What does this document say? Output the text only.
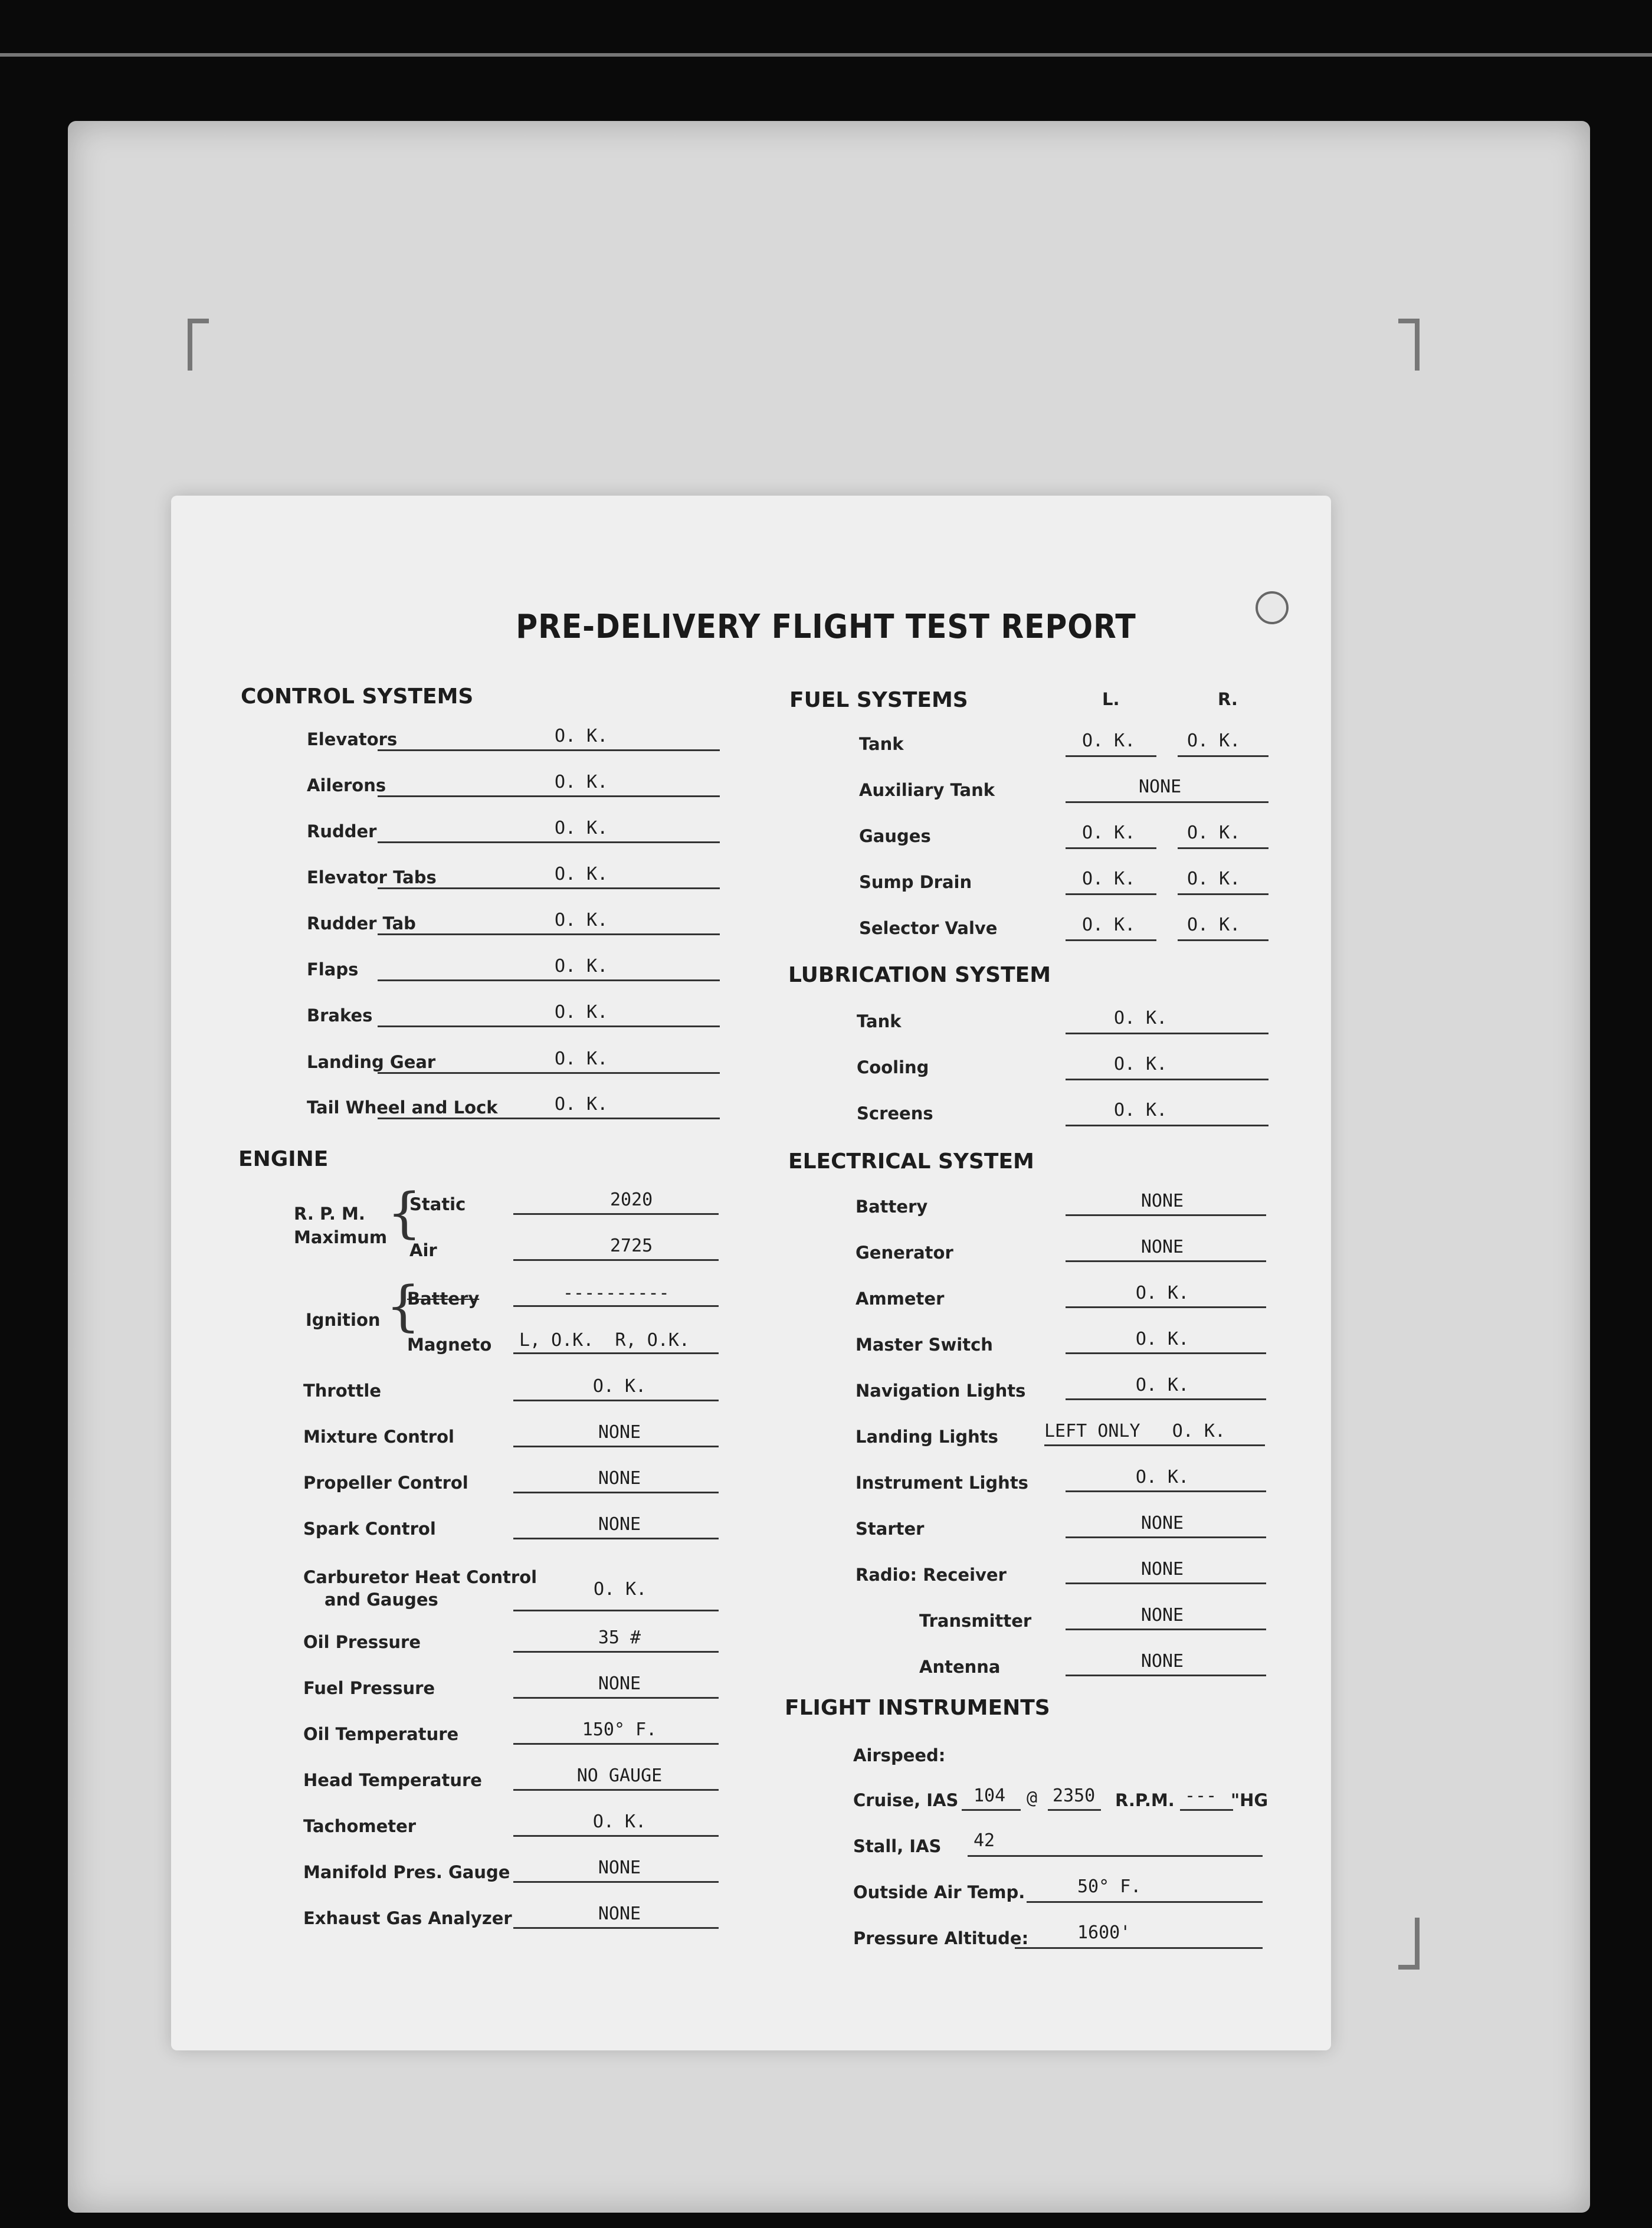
PRE-DELIVERY FLIGHT TEST REPORT
CONTROL SYSTEMS
Elevators	O. K.
Ailerons	O. K.
Rudder	O. K.
Elevator Tabs	O. K.
Rudder Tab	O. K.
Flaps	O. K.
Brakes	O. K.
Landing Gear	O. K.
Tail Wheel and Lock	O. K.
ENGINE
R. P. M.
Maximum {
Static	2020
Air	2725
Ignition {
Battery	----------
Magneto L, O.K.  R, O.K.
Throttle	O. K.
Mixture Control	NONE
Propeller Control	NONE
Spark Control	NONE
Carburetor Heat Control
and Gauges	O. K.
Oil Pressure	35 #
Fuel Pressure	NONE
Oil Temperature	150° F.
Head Temperature	NO GAUGE
Tachometer	O. K.
Manifold Pres. Gauge	NONE
Exhaust Gas Analyzer	NONE
FUEL SYSTEMS	L.	R.
Tank	O. K.	O. K.
Auxiliary Tank	NONE
Gauges	O. K.	O. K.
Sump Drain	O. K.	O. K.
Selector Valve	O. K.	O. K.
LUBRICATION SYSTEM
Tank	O. K.
Cooling	O. K.
Screens	O. K.
ELECTRICAL SYSTEM
Battery	NONE
Generator	NONE
Ammeter	O. K.
Master Switch	O. K.
Navigation Lights	O. K.
Landing Lights	LEFT ONLY   O. K.
Instrument Lights	O. K.
Starter	NONE
Radio: Receiver	NONE
Transmitter	NONE
Antenna	NONE
FLIGHT INSTRUMENTS
Airspeed:
Cruise, IAS 104 @ 2350 R.P.M. --- "HG
Stall, IAS 42
Outside Air Temp.	50° F.
Pressure Altitude:	1600'
